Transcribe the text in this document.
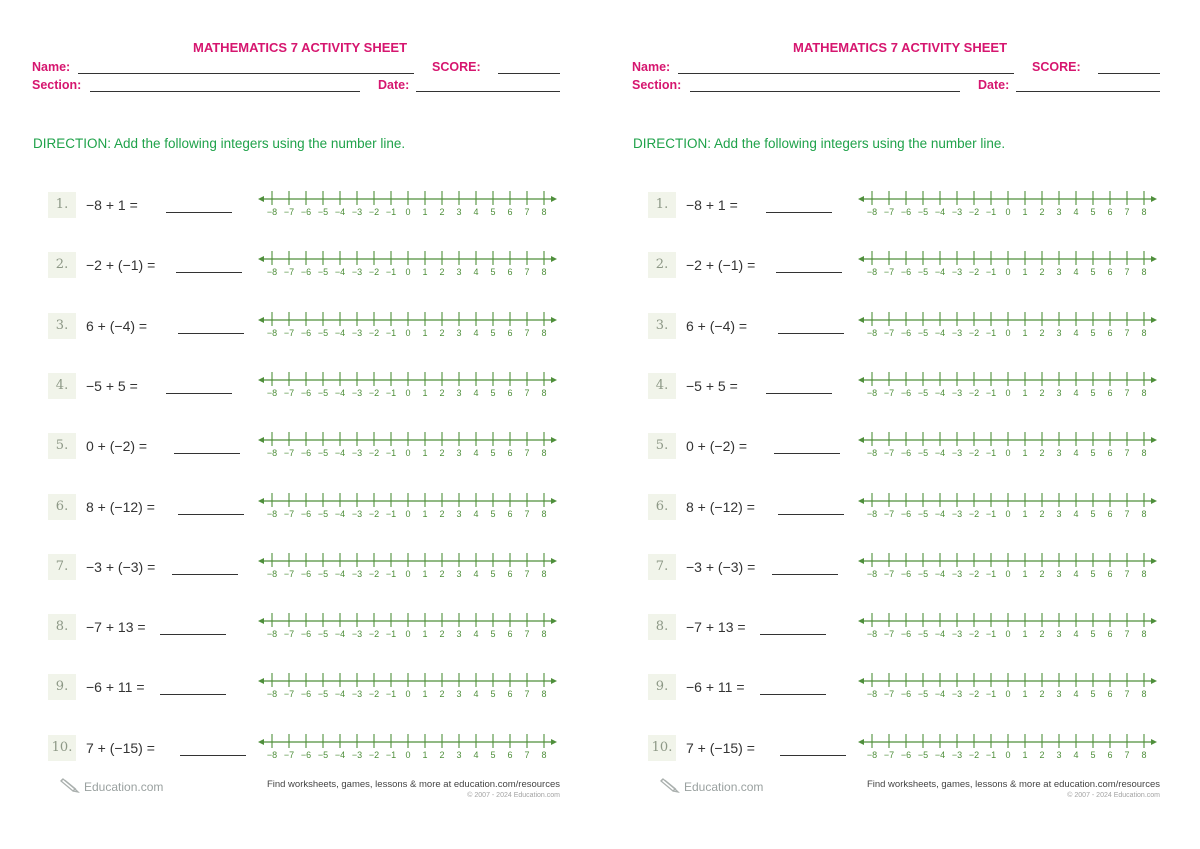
MATHEMATICS 7 ACTIVITY SHEET
Name:	SCORE:
Section:	Date:

DIRECTION: Add the following integers using the number line.

1.	−8 + 1 =	−8 −7 −6 −5 −4 −3 −2 −1 0 1 2 3 4 5 6 7 8
2.	−2 + (−1) =	−8 −7 −6 −5 −4 −3 −2 −1 0 1 2 3 4 5 6 7 8
3.	6 + (−4) =	−8 −7 −6 −5 −4 −3 −2 −1 0 1 2 3 4 5 6 7 8
4.	−5 + 5 =	−8 −7 −6 −5 −4 −3 −2 −1 0 1 2 3 4 5 6 7 8
5.	0 + (−2) =	−8 −7 −6 −5 −4 −3 −2 −1 0 1 2 3 4 5 6 7 8
6.	8 + (−12) =	−8 −7 −6 −5 −4 −3 −2 −1 0 1 2 3 4 5 6 7 8
7.	−3 + (−3) =	−8 −7 −6 −5 −4 −3 −2 −1 0 1 2 3 4 5 6 7 8
8.	−7 + 13 =	−8 −7 −6 −5 −4 −3 −2 −1 0 1 2 3 4 5 6 7 8
9.	−6 + 11 =	−8 −7 −6 −5 −4 −3 −2 −1 0 1 2 3 4 5 6 7 8
10. 7 + (−15) =	−8 −7 −6 −5 −4 −3 −2 −1 0 1 2 3 4 5 6 7 8
Education.com	Find worksheets, games, lessons & more at education.com/resources
© 2007 - 2024 Education.com
MATHEMATICS 7 ACTIVITY SHEET
Name:	SCORE:
Section:	Date:

DIRECTION: Add the following integers using the number line.

1.	−8 + 1 =	−8 −7 −6 −5 −4 −3 −2 −1 0 1 2 3 4 5 6 7 8
2.	−2 + (−1) =	−8 −7 −6 −5 −4 −3 −2 −1 0 1 2 3 4 5 6 7 8
3.	6 + (−4) =	−8 −7 −6 −5 −4 −3 −2 −1 0 1 2 3 4 5 6 7 8
4.	−5 + 5 =	−8 −7 −6 −5 −4 −3 −2 −1 0 1 2 3 4 5 6 7 8
5.	0 + (−2) =	−8 −7 −6 −5 −4 −3 −2 −1 0 1 2 3 4 5 6 7 8
6.	8 + (−12) =	−8 −7 −6 −5 −4 −3 −2 −1 0 1 2 3 4 5 6 7 8
7.	−3 + (−3) =	−8 −7 −6 −5 −4 −3 −2 −1 0 1 2 3 4 5 6 7 8
8.	−7 + 13 =	−8 −7 −6 −5 −4 −3 −2 −1 0 1 2 3 4 5 6 7 8
9.	−6 + 11 =	−8 −7 −6 −5 −4 −3 −2 −1 0 1 2 3 4 5 6 7 8
10. 7 + (−15) =	−8 −7 −6 −5 −4 −3 −2 −1 0 1 2 3 4 5 6 7 8
Education.com	Find worksheets, games, lessons & more at education.com/resources
© 2007 - 2024 Education.com
